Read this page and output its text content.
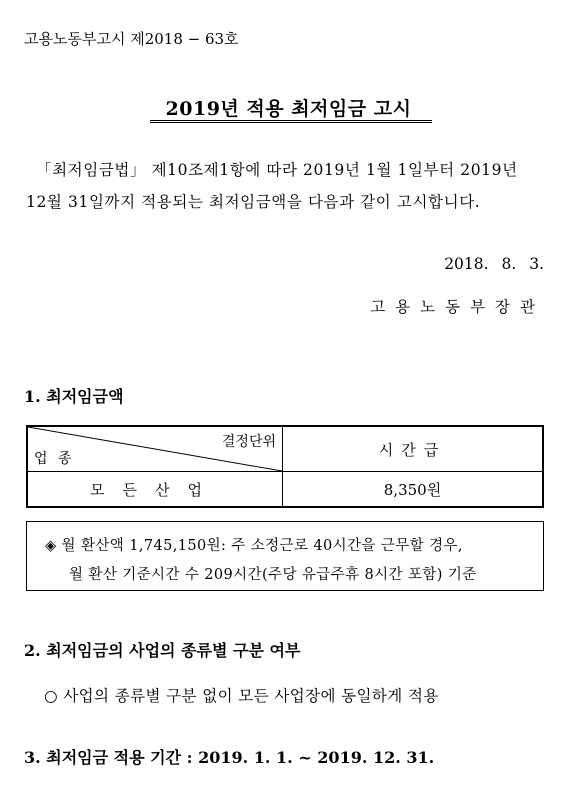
고용노동부고시 제2018 − 63호
2019년 적용 최저임금 고시
「최저임금법」 제10조제1항에 따라 2019년 1월 1일부터 2019년
12월 31일까지 적용되는 최저임금액을 다음과 같이 고시합니다.
2018. 8. 3.
고용노동부장관
1. 최저임금액
결정단위
업 종	시간급
모든산업	8,350원
◈ 월 환산액 1,745,150원: 주 소정근로 40시간을 근무할 경우,
월 환산 기준시간 수 209시간(주당 유급주휴 8시간 포함) 기준
2. 최저임금의 사업의 종류별 구분 여부
○ 사업의 종류별 구분 없이 모든 사업장에 동일하게 적용
3. 최저임금 적용 기간 : 2019. 1. 1. ~ 2019. 12. 31.
